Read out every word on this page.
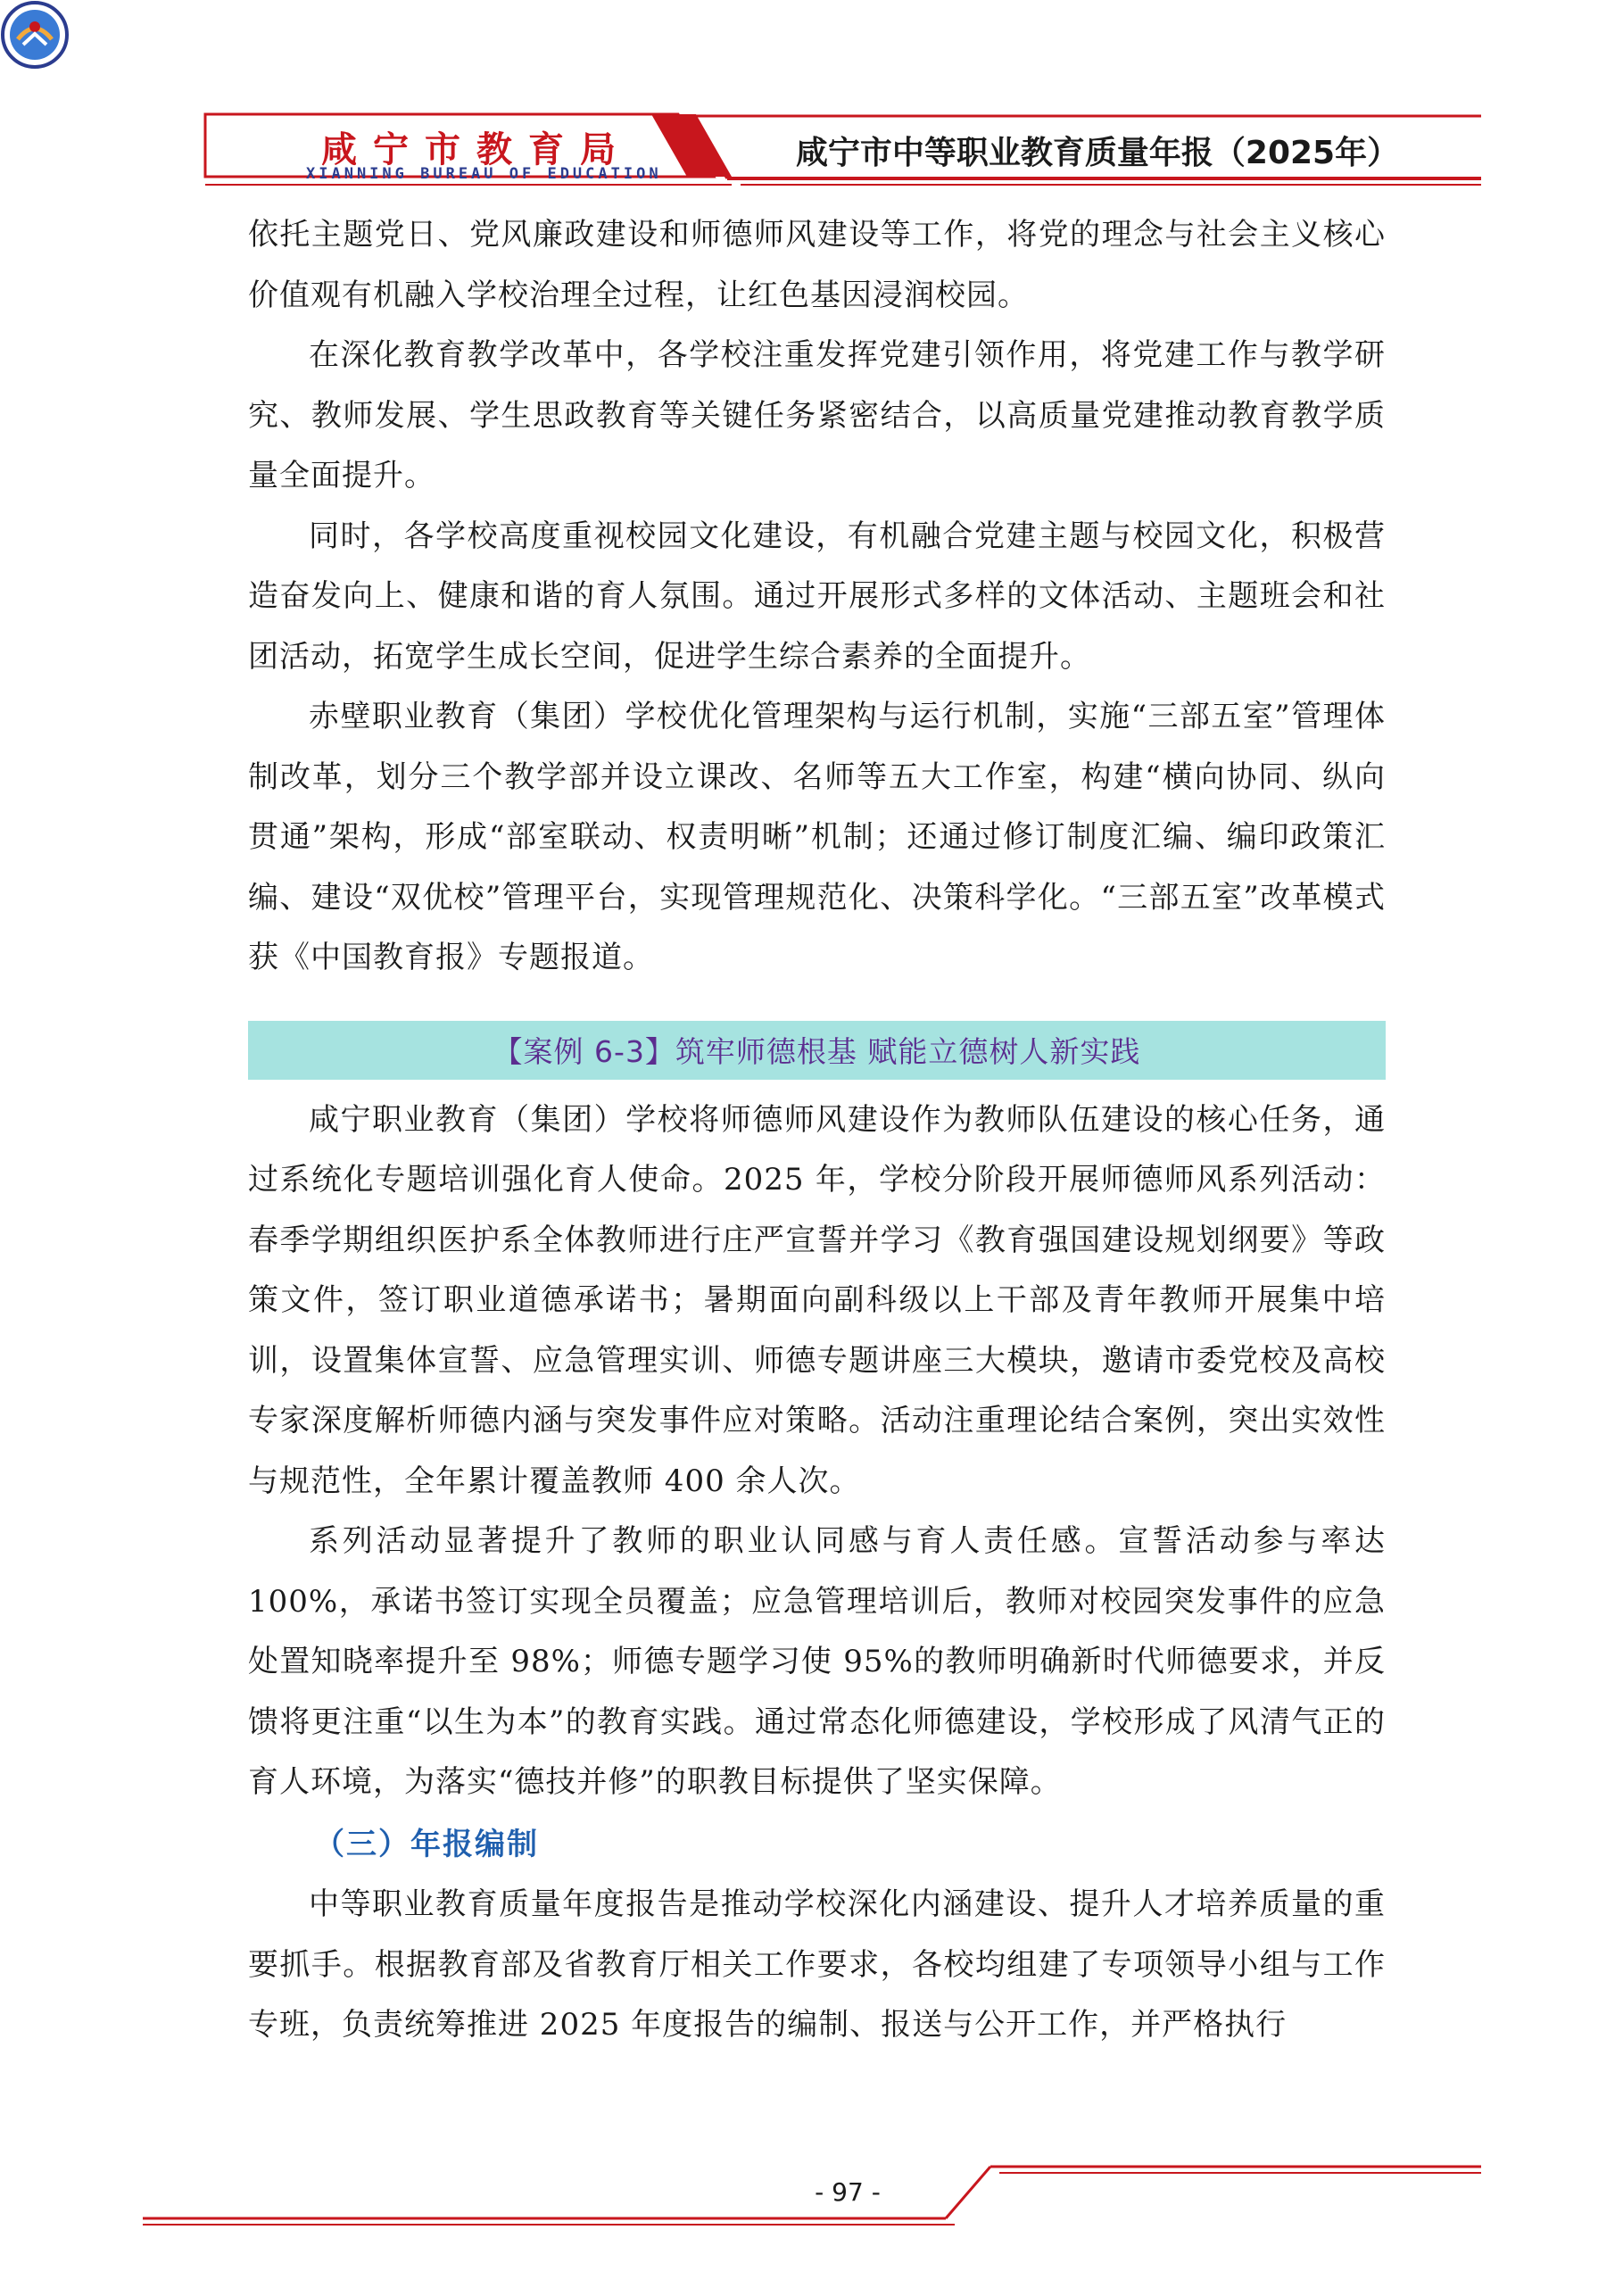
咸宁市教育局
XIANNING BUREAU OF EDUCATION
咸宁市中等职业教育质量年报（2025年）

依托主题党日、党风廉政建设和师德师风建设等工作，将党的理念与社会主义核心价值观有机融入学校治理全过程，让红色基因浸润校园。

在深化教育教学改革中，各学校注重发挥党建引领作用，将党建工作与教学研究、教师发展、学生思政教育等关键任务紧密结合，以高质量党建推动教育教学质量全面提升。

同时，各学校高度重视校园文化建设，有机融合党建主题与校园文化，积极营造奋发向上、健康和谐的育人氛围。通过开展形式多样的文体活动、主题班会和社团活动，拓宽学生成长空间，促进学生综合素养的全面提升。

赤壁职业教育（集团）学校优化管理架构与运行机制，实施“三部五室”管理体制改革，划分三个教学部并设立课改、名师等五大工作室，构建“横向协同、纵向贯通”架构，形成“部室联动、权责明晰”机制；还通过修订制度汇编、编印政策汇编、建设“双优校”管理平台，实现管理规范化、决策科学化。“三部五室”改革模式获《中国教育报》专题报道。

【案例 6-3】筑牢师德根基 赋能立德树人新实践

咸宁职业教育（集团）学校将师德师风建设作为教师队伍建设的核心任务，通过系统化专题培训强化育人使命。2025 年，学校分阶段开展师德师风系列活动：春季学期组织医护系全体教师进行庄严宣誓并学习《教育强国建设规划纲要》等政策文件，签订职业道德承诺书；暑期面向副科级以上干部及青年教师开展集中培训，设置集体宣誓、应急管理实训、师德专题讲座三大模块，邀请市委党校及高校专家深度解析师德内涵与突发事件应对策略。活动注重理论结合案例，突出实效性与规范性，全年累计覆盖教师 400 余人次。

系列活动显著提升了教师的职业认同感与育人责任感。宣誓活动参与率达100%，承诺书签订实现全员覆盖；应急管理培训后，教师对校园突发事件的应急处置知晓率提升至 98%；师德专题学习使 95%的教师明确新时代师德要求，并反馈将更注重“以生为本”的教育实践。通过常态化师德建设，学校形成了风清气正的育人环境，为落实“德技并修”的职教目标提供了坚实保障。

（三）年报编制

中等职业教育质量年度报告是推动学校深化内涵建设、提升人才培养质量的重要抓手。根据教育部及省教育厅相关工作要求，各校均组建了专项领导小组与工作专班，负责统筹推进 2025 年度报告的编制、报送与公开工作，并严格执行

- 97 -
